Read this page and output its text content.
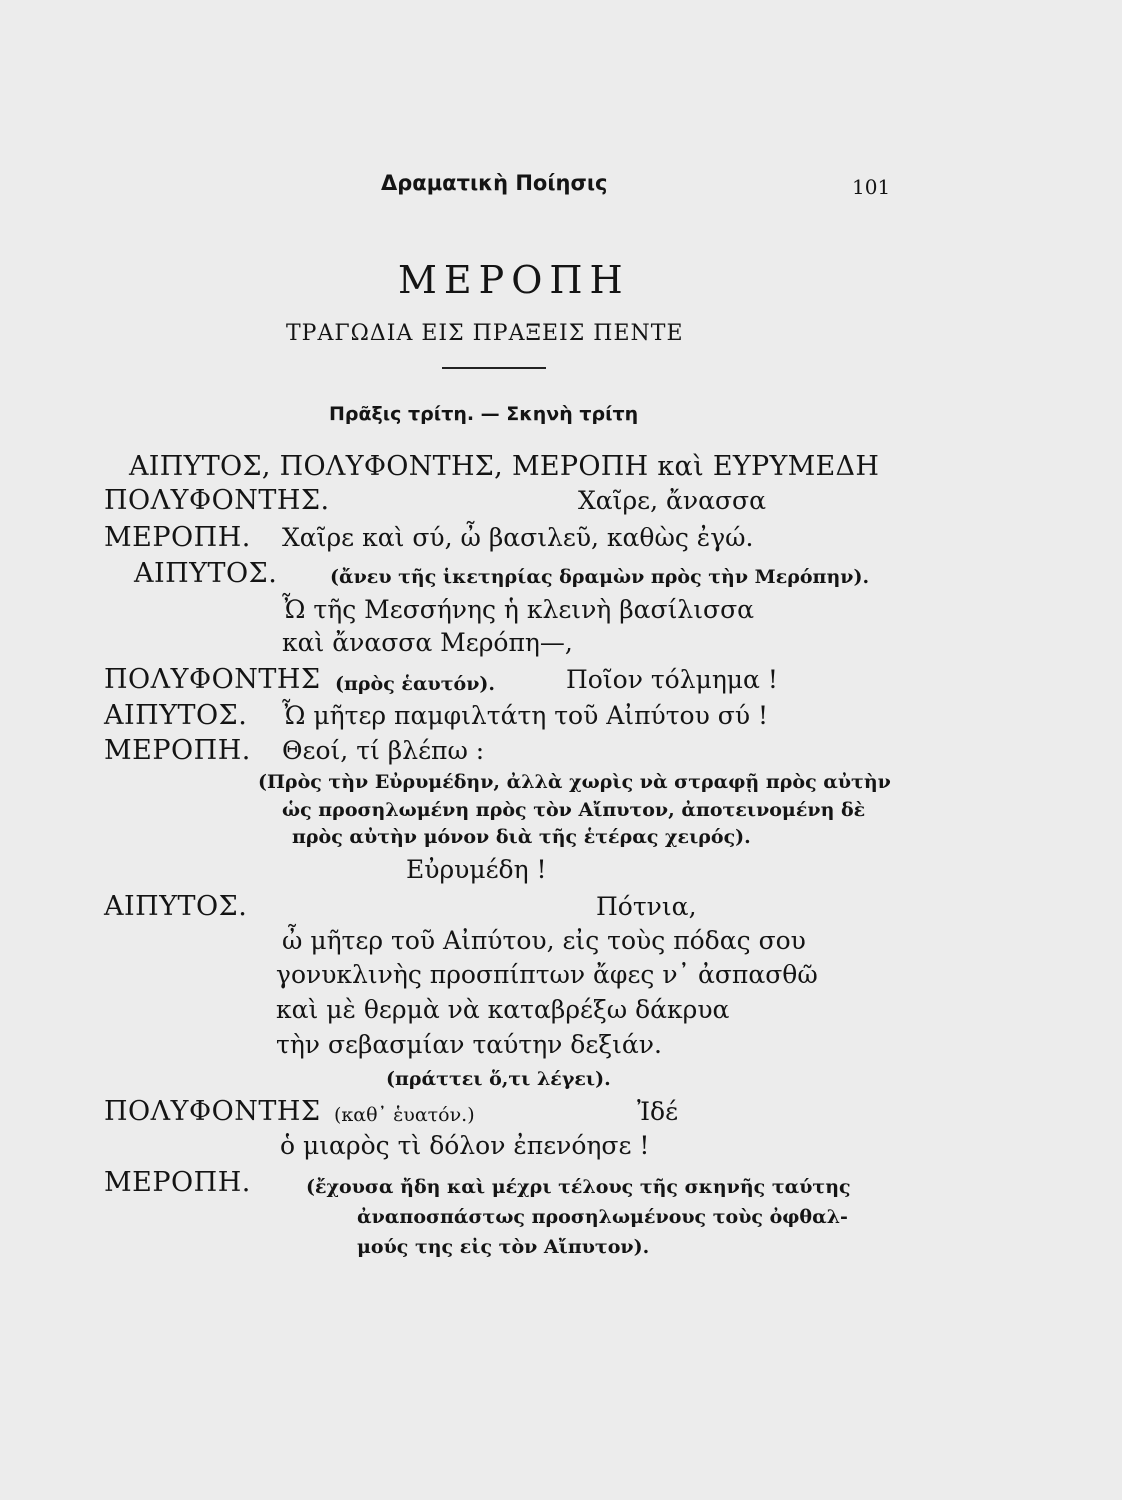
Δραματικὴ Ποίησις	101
ΜΕΡΟΠΗ
ΤΡΑΓΩΔΙΑ ΕΙΣ ΠΡΑΞΕΙΣ ΠΕΝΤΕ
Πρᾶξις τρίτη. — Σκηνὴ τρίτη
ΑΙΠΥΤΟΣ, ΠΟΛΥΦΟΝΤΗΣ, ΜΕΡΟΠΗ καὶ ΕΥΡΥΜΕΔΗ
ΠΟΛΥΦΟΝΤΗΣ.	Χαῖρε, ἄνασσα
ΜΕΡΟΠΗ. Χαῖρε καὶ σύ, ὦ βασιλεῦ, καθὼς ἐγώ.
ΑΙΠΥΤΟΣ.	(ἄνευ τῆς ἱκετηρίας δραμὼν πρὸς τὴν Μερόπην).
Ὦ τῆς Μεσσήνης ἡ κλεινὴ βασίλισσα
καὶ ἄνασσα Μερόπη—,
ΠΟΛΥΦΟΝΤΗΣ (πρὸς ἑαυτόν).	Ποῖον τόλμημα !
ΑΙΠΥΤΟΣ. Ὦ μῆτερ παμφιλτάτη τοῦ Αἰπύτου σύ !
ΜΕΡΟΠΗ. Θεοί, τί βλέπω :
(Πρὸς τὴν Εὐρυμέδην, ἀλλὰ χωρὶς νὰ στραφῇ πρὸς αὐτὴν
ὡς προσηλωμένη πρὸς τὸν Αἴπυτον, ἀποτεινομένη δὲ
πρὸς αὐτὴν μόνον διὰ τῆς ἑτέρας χειρός).
Εὐρυμέδη !
ΑΙΠΥΤΟΣ.	Πότνια,
ὦ μῆτερ τοῦ Αἰπύτου, εἰς τοὺς πόδας σου
γονυκλινὴς προσπίπτων ἄφες ν᾿ ἀσπασθῶ
καὶ μὲ θερμὰ νὰ καταβρέξω δάκρυα
τὴν σεβασμίαν ταύτην δεξιάν.
(πράττει ὅ,τι λέγει).
ΠΟΛΥΦΟΝΤΗΣ (καθ᾿ ἑυατόν.)	Ἰδέ
ὁ μιαρὸς τὶ δόλον ἐπενόησε !
ΜΕΡΟΠΗ.	(ἔχουσα ἤδη καὶ μέχρι τέλους τῆς σκηνῆς ταύτης
ἀναποσπάστως προσηλωμένους τοὺς ὀφθαλ-
μούς της εἰς τὸν Αἴπυτον).
